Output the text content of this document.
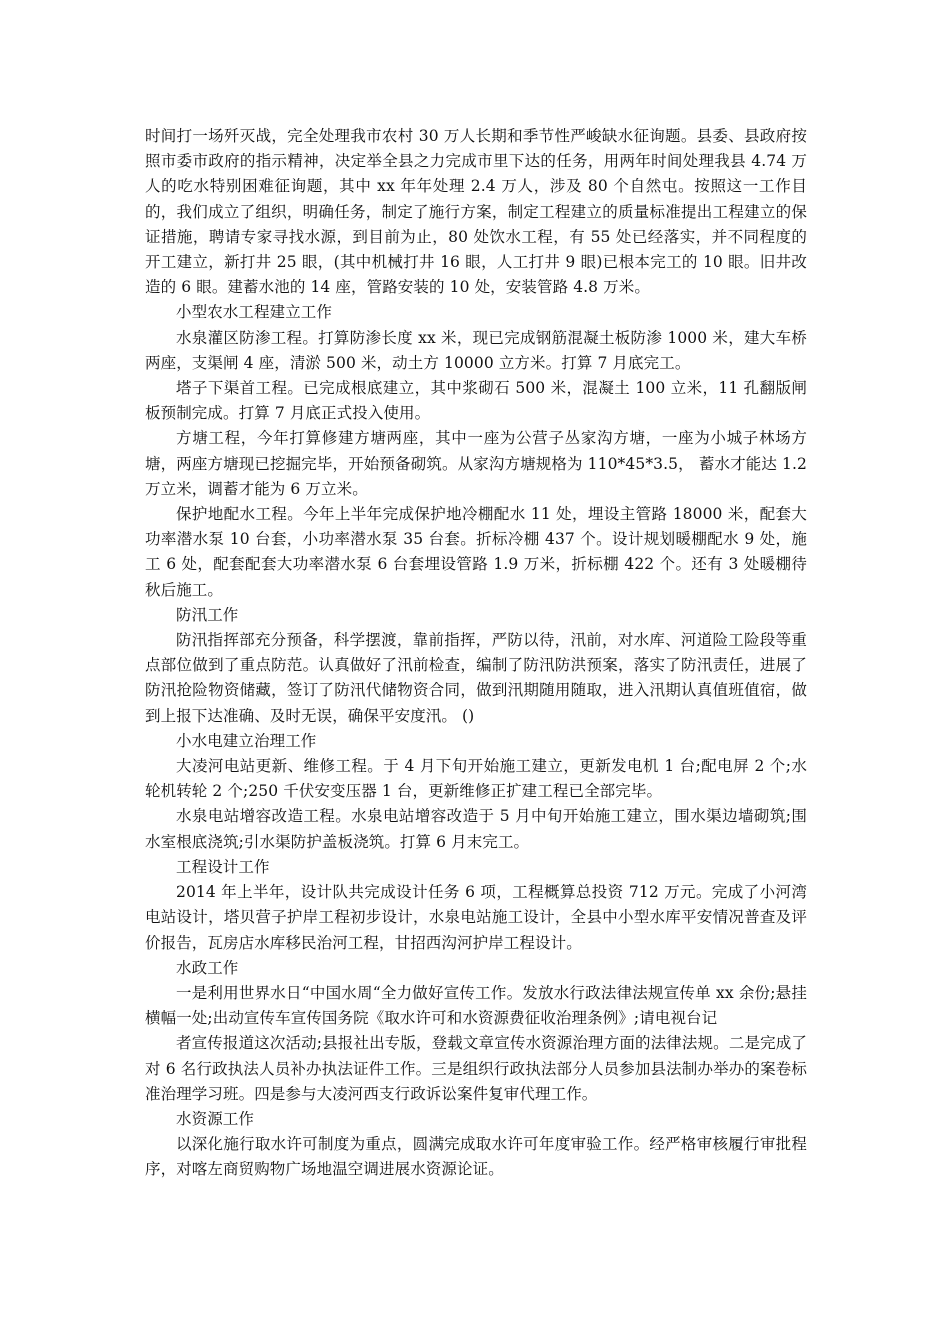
时间打一场歼灭战，完全处理我市农村 30 万人长期和季节性严峻缺水征询题。县委、县政府按照市委市政府的指示精神，决定举全县之力完成市里下达的任务，用两年时间处理我县 4.74 万人的吃水特别困难征询题，其中 xx 年年处理 2.4 万人，涉及 80 个自然屯。按照这一工作目的，我们成立了组织，明确任务，制定了施行方案，制定工程建立的质量标准提出工程建立的保证措施，聘请专家寻找水源，到目前为止，80 处饮水工程，有 55 处已经落实，并不同程度的开工建立，新打井 25 眼，(其中机械打井 16 眼，人工打井 9 眼)已根本完工的 10 眼。旧井改造的 6 眼。建蓄水池的 14 座，管路安装的 10 处，安装管路 4.8 万米。

小型农水工程建立工作

水泉灌区防渗工程。打算防渗长度 xx 米，现已完成钢筋混凝土板防渗 1000 米，建大车桥两座，支渠闸 4 座，清淤 500 米，动土方 10000 立方米。打算 7 月底完工。

塔子下渠首工程。已完成根底建立，其中浆砌石 500 米，混凝土 100 立米，11 孔翻版闸板预制完成。打算 7 月底正式投入使用。

方塘工程，今年打算修建方塘两座，其中一座为公营子丛家沟方塘，一座为小城子林场方塘，两座方塘现已挖掘完毕，开始预备砌筑。从家沟方塘规格为 110*45*3.5， 蓄水才能达 1.2 万立米，调蓄才能为 6 万立米。

保护地配水工程。今年上半年完成保护地冷棚配水 11 处，埋设主管路 18000 米，配套大功率潜水泵 10 台套，小功率潜水泵 35 台套。折标冷棚 437 个。设计规划暖棚配水 9 处，施工 6 处，配套配套大功率潜水泵 6 台套埋设管路 1.9 万米，折标棚 422 个。还有 3 处暖棚待秋后施工。

防汛工作

防汛指挥部充分预备，科学摆渡，靠前指挥，严防以待，汛前，对水库、河道险工险段等重点部位做到了重点防范。认真做好了汛前检查，编制了防汛防洪预案，落实了防汛责任，进展了防汛抢险物资储藏，签订了防汛代储物资合同，做到汛期随用随取，进入汛期认真值班值宿，做到上报下达准确、及时无误，确保平安度汛。 ()

小水电建立治理工作

大凌河电站更新、维修工程。于 4 月下旬开始施工建立，更新发电机 1 台;配电屏 2 个;水轮机转轮 2 个;250 千伏安变压器 1 台，更新维修正扩建工程已全部完毕。

水泉电站增容改造工程。水泉电站增容改造于 5 月中旬开始施工建立，围水渠边墙砌筑;围水室根底浇筑;引水渠防护盖板浇筑。打算 6 月末完工。

工程设计工作

2014 年上半年，设计队共完成设计任务 6 项，工程概算总投资 712 万元。完成了小河湾电站设计，塔贝营子护岸工程初步设计，水泉电站施工设计，全县中小型水库平安情况普查及评价报告，瓦房店水库移民治河工程，甘招西沟河护岸工程设计。

水政工作

一是利用世界水日“中国水周“全力做好宣传工作。发放水行政法律法规宣传单 xx 余份;悬挂横幅一处;出动宣传车宣传国务院《取水许可和水资源费征收治理条例》;请电视台记

者宣传报道这次活动;县报社出专版，登载文章宣传水资源治理方面的法律法规。二是完成了对 6 名行政执法人员补办执法证件工作。三是组织行政执法部分人员参加县法制办举办的案卷标准治理学习班。四是参与大凌河西支行政诉讼案件复审代理工作。

水资源工作

以深化施行取水许可制度为重点，圆满完成取水许可年度审验工作。经严格审核履行审批程序，对喀左商贸购物广场地温空调进展水资源论证。
